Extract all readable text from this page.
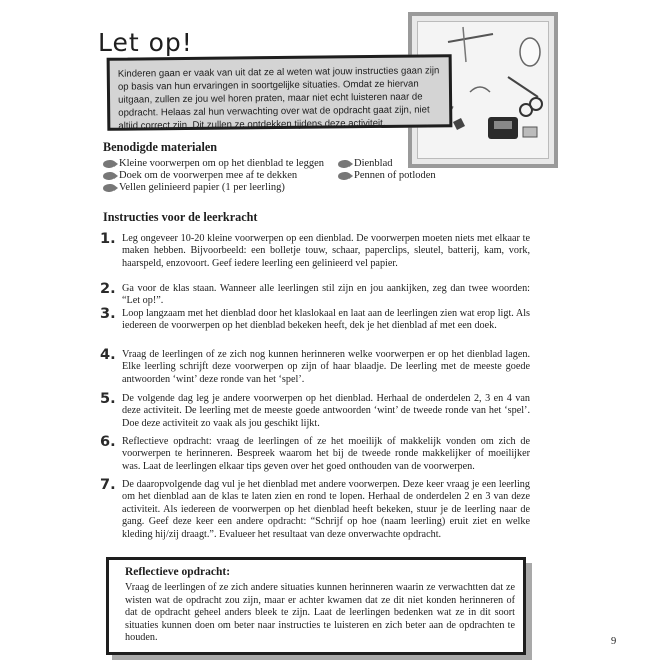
Let op!
Kinderen gaan er vaak van uit dat ze al weten wat jouw instructies gaan zijn op basis van hun ervaringen in soortgelijke situaties. Omdat ze hiervan uitgaan, zullen ze jou wel horen praten, maar niet echt luisteren naar de opdracht. Helaas zal hun verwachting over wat de opdracht gaat zijn, niet altijd correct zijn. Dit zullen ze ontdekken tijdens deze activiteit.
Benodigde materialen
Kleine voorwerpen om op het dienblad te leggen
Doek om de voorwerpen mee af te dekken
Vellen gelinieerd papier (1 per leerling)
Dienblad
Pennen of potloden
Instructies voor de leerkracht
1. Leg ongeveer 10-20 kleine voorwerpen op een dienblad. De voorwerpen moeten niets met elkaar te maken hebben. Bijvoorbeeld: een bolletje touw, schaar, paperclips, sleutel, batterij, kam, vork, haarspeld, enzovoort. Geef iedere leerling een gelinieerd vel papier.
2. Ga voor de klas staan. Wanneer alle leerlingen stil zijn en jou aankijken, zeg dan twee woorden: “Let op!”.
3. Loop langzaam met het dienblad door het klaslokaal en laat aan de leerlingen zien wat erop ligt. Als iedereen de voorwerpen op het dienblad bekeken heeft, dek je het dienblad af met een doek.
4. Vraag de leerlingen of ze zich nog kunnen herinneren welke voorwerpen er op het dienblad lagen. Elke leerling schrijft deze voorwerpen op zijn of haar blaadje. De leerling met de meeste goede antwoorden ‘wint’ deze ronde van het ‘spel’.
5. De volgende dag leg je andere voorwerpen op het dienblad. Herhaal de onderdelen 2, 3 en 4 van deze activiteit. De leerling met de meeste goede antwoorden ‘wint’ de tweede ronde van het ‘spel’. Doe deze activiteit zo vaak als jou geschikt lijkt.
6. Reflectieve opdracht: vraag de leerlingen of ze het moeilijk of makkelijk vonden om zich de voorwerpen te herinneren. Bespreek waarom het bij de tweede ronde makkelijker of moeilijker was. Laat de leerlingen elkaar tips geven over het goed onthouden van de voorwerpen.
7. De daaropvolgende dag vul je het dienblad met andere voorwerpen. Deze keer vraag je een leerling om het dienblad aan de klas te laten zien en rond te lopen. Herhaal de onderdelen 2 en 3 van deze activiteit. Als iedereen de voorwerpen op het dienblad heeft bekeken, stuur je de leerling naar de gang. Geef deze keer een andere opdracht: “Schrijf op hoe (naam leerling) eruit ziet en welke kleding hij/zij draagt.”. Evalueer het resultaat van deze onverwachte opdracht.
Reflectieve opdracht:
Vraag de leerlingen of ze zich andere situaties kunnen herinneren waarin ze verwachtten dat ze wisten wat de opdracht zou zijn, maar er achter kwamen dat ze dit niet konden herinneren of dat de opdracht geheel anders bleek te zijn. Laat de leerlingen bedenken wat ze in dit soort situaties kunnen doen om beter naar instructies te luisteren en zich beter aan de opdrachten te houden.	9
